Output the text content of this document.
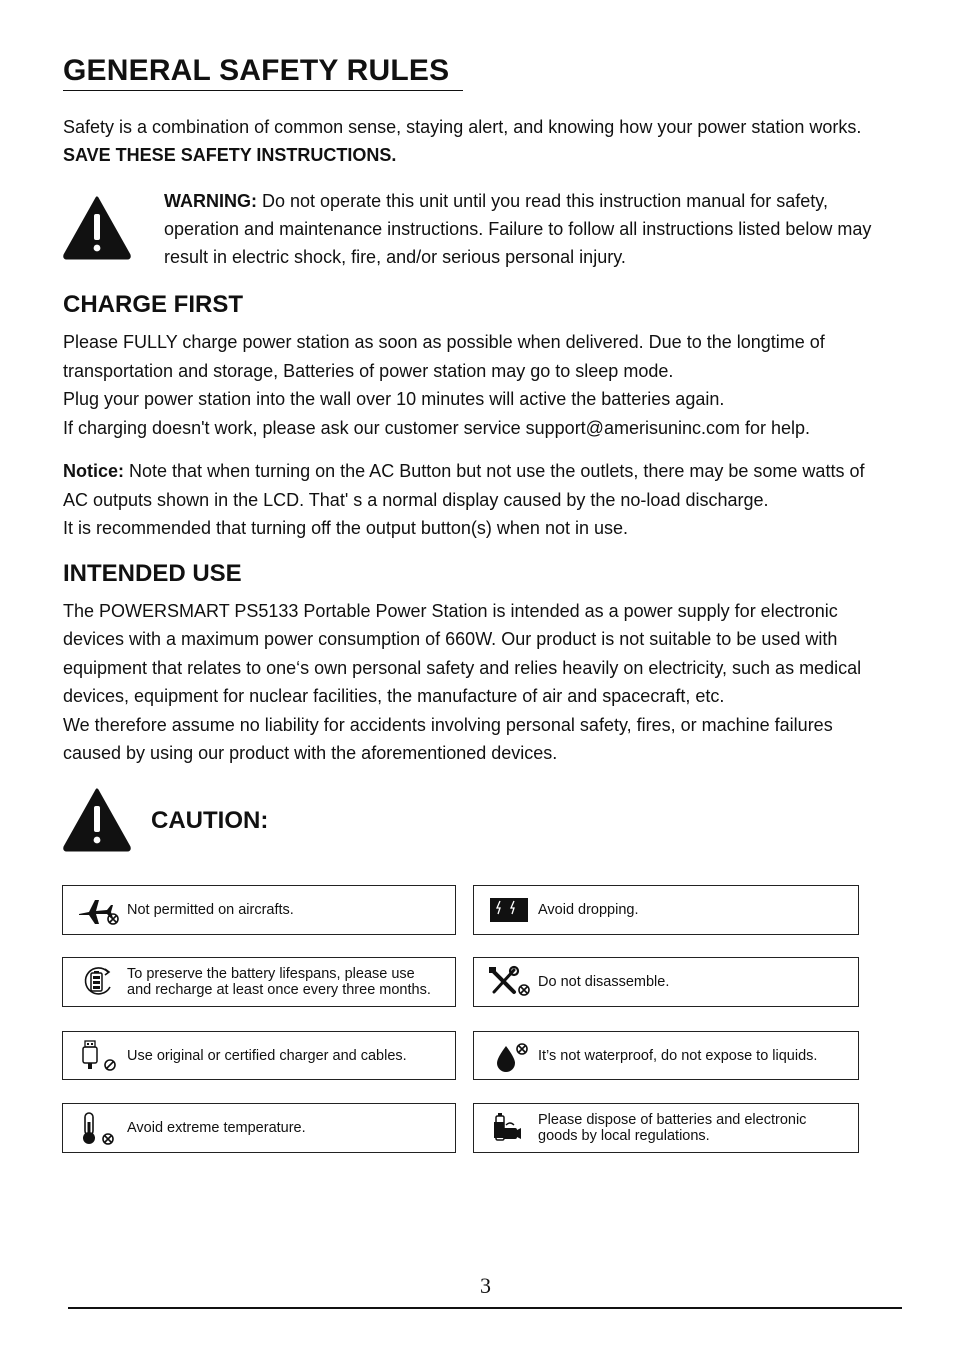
GENERAL SAFETY RULES
Safety is a combination of common sense, staying alert, and knowing how your power station works.
SAVE THESE SAFETY INSTRUCTIONS.
WARNING: Do not operate this unit until you read this instruction manual for safety,
operation and maintenance instructions. Failure to follow all instructions listed below may
result in electric shock, fire, and/or serious personal injury.
CHARGE FIRST
Please FULLY charge power station as soon as possible when delivered. Due to the longtime of
transportation and storage, Batteries of power station may go to sleep mode.
Plug your power station into the wall over 10 minutes will active the batteries again.
If charging doesn't work, please ask our customer service support@amerisuninc.com for help.
Notice: Note that when turning on the AC Button but not use the outlets, there may be some watts of
AC outputs shown in the LCD. That' s a normal display caused by the no-load discharge.
It is recommended that turning off the output button(s) when not in use.
INTENDED USE
The POWERSMART PS5133 Portable Power Station is intended as a power supply for electronic
devices with a maximum power consumption of 660W. Our product is not suitable to be used with
equipment that relates to one‘s own personal safety and relies heavily on electricity, such as medical
devices, equipment for nuclear facilities, the manufacture of air and spacecraft, etc.
We therefore assume no liability for accidents involving personal safety, fires, or machine failures
caused by using our product with the aforementioned devices.
CAUTION:
Not permitted on aircrafts.	Avoid dropping.
To preserve the battery lifespans, please use
and recharge at least once every three months.	Do not disassemble.
Use original or certified charger and cables.	It’s not waterproof, do not expose to liquids.
Avoid extreme temperature.	Please dispose of batteries and electronic
goods by local regulations.
3
